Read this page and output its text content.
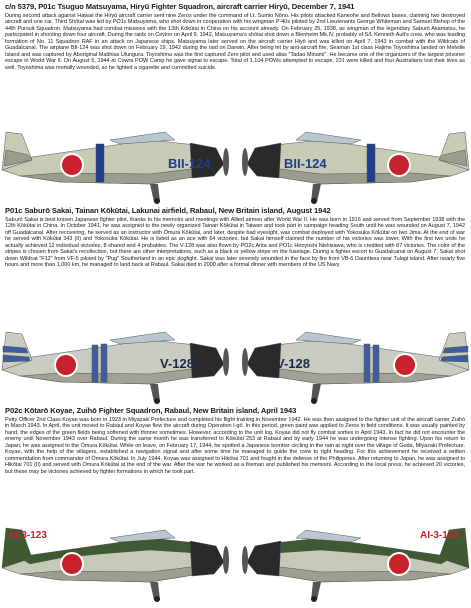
c/n 5379, P01c Tsuguo Matsuyama, Hiryū Fighter Squadron, aircraft carrier Hiryū, December 7, 1941
During second attack against Hawaii the Hiryū aircraft carrier sent nine Zeros under the command of Lt. Sumio Nōno. His pilots attacked Kaneohe and Bellows bases, claiming two destroyed aircraft and one car. Third Shōtai was led by PO1c Matsuyama, who shot down in cooperation with his wingman P-40s piloted by 2nd Lieutenants George Whiteman and Samuel Bishop of the 44th Pursuit Squadron. Matsuyama had combat missions with the 13th Kōkūtai in China on his account already. On February 25, 1938, as wingman of the legendary Saburō Akamatsu, he participated in shooting down four aircraft. During the raids on Ceylon on April 9, 1942, Matsuyama's shōtai shot down a Blenheim Mk.IV, probably of S/L Kenneth Ault's crew, who was leading formation of No. 11 Squadron RAF in an attack on Japanese ships. Matsuyama later served on the aircraft carrier Hiyō and was killed on April 7, 1943 in combat with the Wildcats of Guadalcanal. The airplane BII-124 was shot down on February 19, 1942 during the raid on Darwin. After being hit by anti-aircraft fire, Seaman 1st class Hajime Toyoshima landed on Melville Island and was captured by Aboriginal Matthias Ulungura. Toyoshima was the first captured Zero pilot and used alias "Tadao Minami". He became one of the organizers of the largest prisoner escape in World War II. On August 5, 1944 at Cowra POW Camp he gave signal to escape. Total of 1,104 POWs attempted to escape, 231 were killed and four Australians lost their lives as well. Toyoshima was mortally wounded, so he lighted a cigarette and committed suicide.
BII-124	BII-124
P01c Saburō Sakai, Tainan Kōkūtai, Lakunai airfield, Rabaul, New Britain island, August 1942
Saburō Sakai is best known Japanese fighter pilot, thanks to his memoirs and meetings with Allied airmen after World War II. He was born in 1916 and served from September 1938 with the 12th Kōkūtai in China. In October 1941, he was assigned to the newly organized Tainan Kōkūtai in Taiwan and took part in campaign heading South until he was wounded on August 7, 1942 off Guadalcanal. After recovering, he served as an instructor with Ōmura Kōkūtai, and later, despite bad eyesight, was combat deployed with Yokosuka Kōkūtai on Iwo Jima. At the end of war he served with Kōkūtai 343 (II) and Yokosuka Kōkūtai. He is listed as an ace with 64 victories, but Sakai himself claimed the number of his victories was lower. With the first two units he actually achieved 12 individual victories, 8 shared and 4 probables. The V-128 was also flown by PO2c Arita and PO1c Hiroyoshi Nishizawa, who is credited with 87 victories. The color of the stripes is chosen from Sakai's recollection, but there are other interpretations, such as a black or yellow stripe on the fuselage. During a fighter escort to Guadalcanal on August 7, Sakai shot down Wildcat "F12" from VF-5 piloted by "Pug" Southerland in an epic dogfight. Sakai was later severely wounded in the face by fire from VB-6 Dauntless near Tulagi island. After nearly five hours and more than 1,000 km, he managed to land back at Rabaul. Sakai died in 2000 after a formal dinner with members of the US Navy.
V-128	V-128
P02c Kōtarō Koyae, Zuihō Fighter Squadron, Rabaul, New Britain island, April 1943
Petty Officer 2nd Class Koyae was born in 1923 in Miyazaki Prefecture and completed his flight training in November 1942. He was then assigned to the fighter unit of the aircraft carrier Zuihō in March 1943. In April, the unit moved to Rabaul and Koyae flew the aircraft during Operation I-gō. In this period, green paint was applied to Zeros in field conditions. It was usually painted by hand, the edges of the green fields being softened with thinner sometimes. However, according to the unit log, Koyae did not fly combat sorties in April 1943. In fact he did not encounter the enemy until November 1943 over Rabaul. During the same month he was transferred to Kōkūtai 253 at Rabaul and by early 1944 he was undergoing intense fighting. Upon his return to Japan, he was assigned to the Ōmura Kōkūtai. While on leave, on February 17, 1944, he spotted a Japanese bomber circling in the rain at night over the village of Goda, Miyazaki Prefecture. Koyae, with the help of the villagers, established a navigation signal and after some time he managed to guide the crew to right heading. For this achievement he received a written commendation from commander of Ōmura Kōkūtai. In July 1944, Koyae was assigned to Hikōtai 701 and fought in the defense of the Philippines. After returning to Japan, he was assigned to Hikōtai 701 (II) and served with Ōmura Kōkūtai at the end of the war. After the war he worked as a fireman and published his memoirs. According to the local press, he achieved 20 victories, but these may be victories achieved by fighter formations in which he took part.
AI-3-123	AI-3-123
